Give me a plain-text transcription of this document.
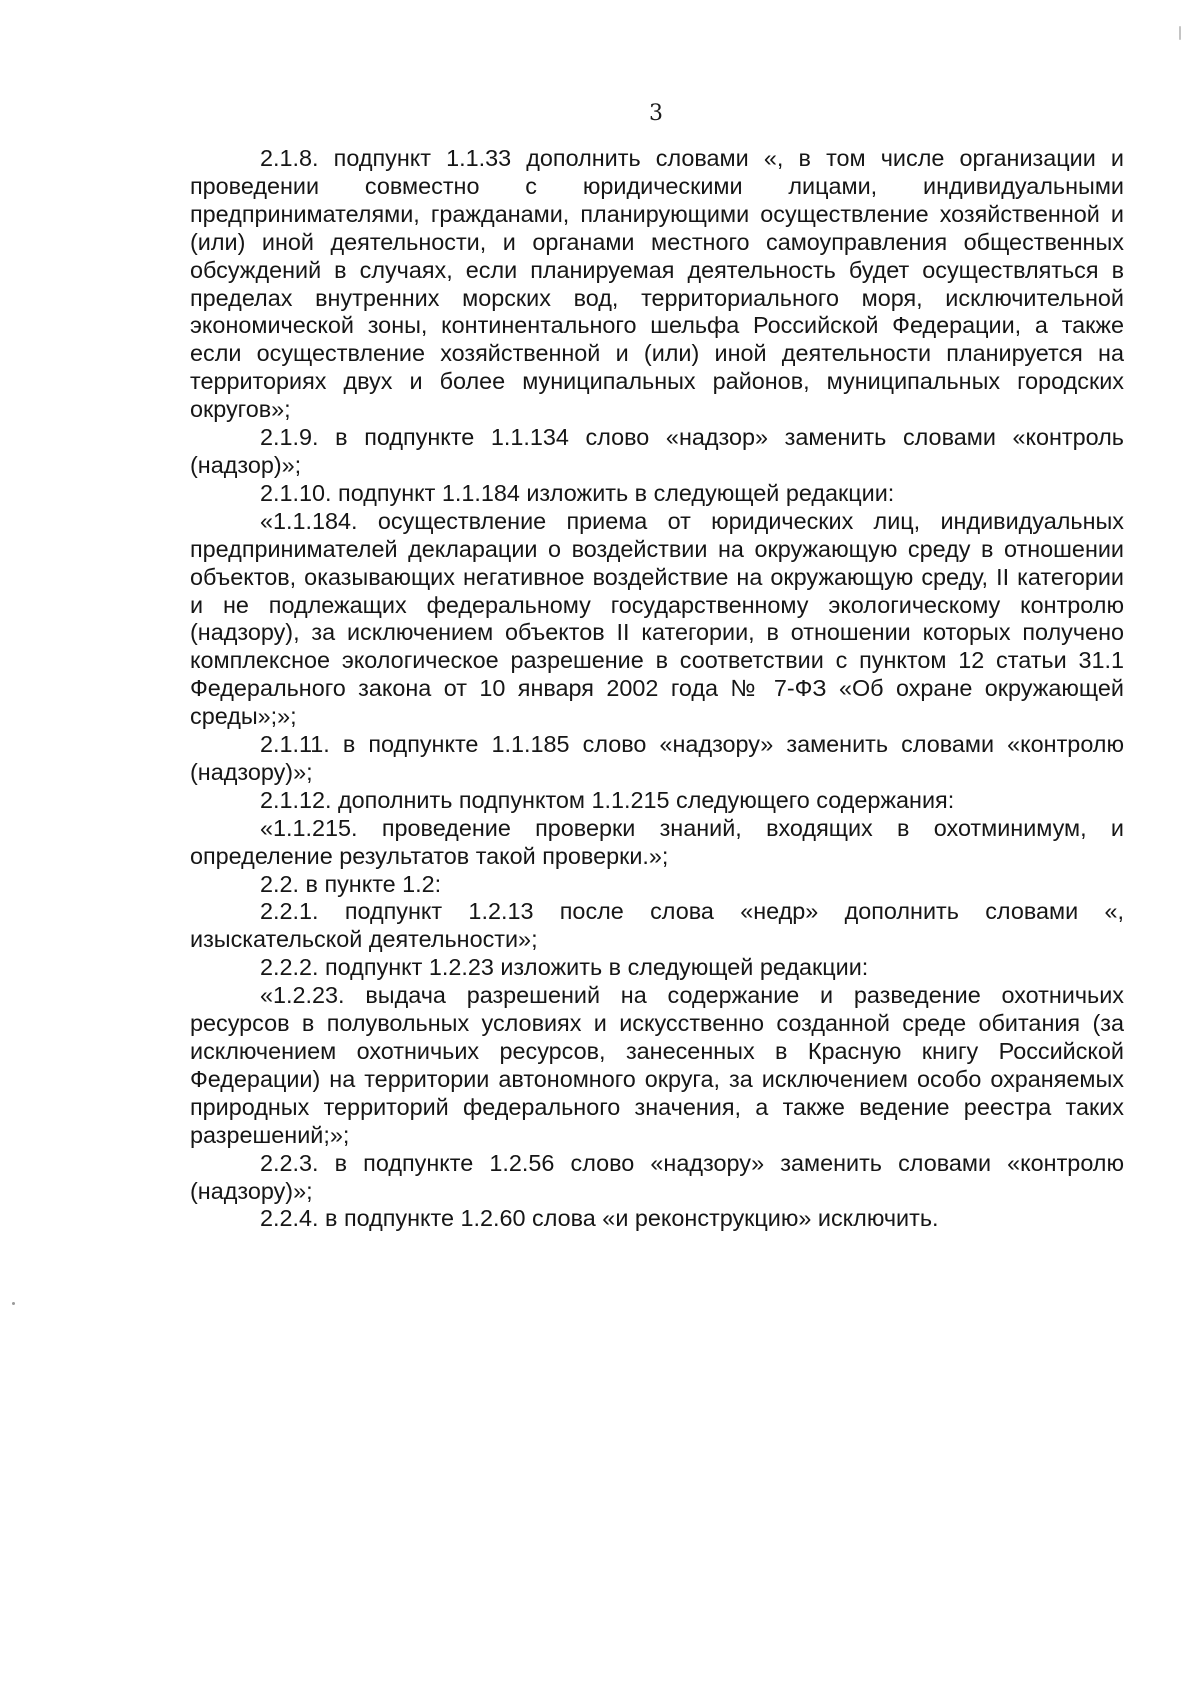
3

2.1.8. подпункт 1.1.33 дополнить словами «, в том числе организации и проведении совместно с юридическими лицами, индивидуальными предпринимателями, гражданами, планирующими осуществление хозяйственной и (или) иной деятельности, и органами местного самоуправления общественных обсуждений в случаях, если планируемая деятельность будет осуществляться в пределах внутренних морских вод, территориального моря, исключительной экономической зоны, континентального шельфа Российской Федерации, а также если осуществление хозяйственной и (или) иной деятельности планируется на территориях двух и более муниципальных районов, муниципальных городских округов»;

2.1.9. в подпункте 1.1.134 слово «надзор» заменить словами «контроль (надзор)»;

2.1.10. подпункт 1.1.184 изложить в следующей редакции:

«1.1.184. осуществление приема от юридических лиц, индивидуальных предпринимателей декларации о воздействии на окружающую среду в отношении объектов, оказывающих негативное воздействие на окружающую среду, II категории и не подлежащих федеральному государственному экологическому контролю (надзору), за исключением объектов II категории, в отношении которых получено комплексное экологическое разрешение в соответствии с пунктом 12 статьи 31.1 Федерального закона от 10 января 2002 года № 7-ФЗ «Об охране окружающей среды»;»;

2.1.11. в подпункте 1.1.185 слово «надзору» заменить словами «контролю (надзору)»;

2.1.12. дополнить подпунктом 1.1.215 следующего содержания:

«1.1.215. проведение проверки знаний, входящих в охотминимум, и определение результатов такой проверки.»;

2.2. в пункте 1.2:

2.2.1. подпункт 1.2.13 после слова «недр» дополнить словами «, изыскательской деятельности»;

2.2.2. подпункт 1.2.23 изложить в следующей редакции:

«1.2.23. выдача разрешений на содержание и разведение охотничьих ресурсов в полувольных условиях и искусственно созданной среде обитания (за исключением охотничьих ресурсов, занесенных в Красную книгу Российской Федерации) на территории автономного округа, за исключением особо охраняемых природных территорий федерального значения, а также ведение реестра таких разрешений;»;

2.2.3. в подпункте 1.2.56 слово «надзору» заменить словами «контролю (надзору)»;

2.2.4. в подпункте 1.2.60 слова «и реконструкцию» исключить.
